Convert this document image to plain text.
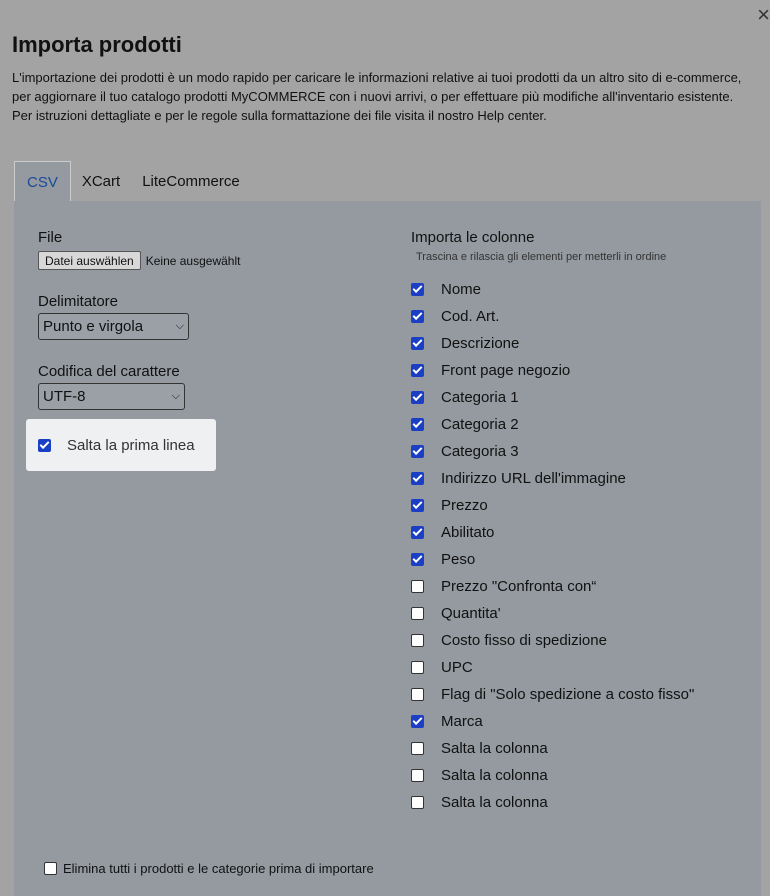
×
Importa prodotti

L'importazione dei prodotti è un modo rapido per caricare le informazioni relative ai tuoi prodotti da un altro sito di e-commerce, per aggiornare il tuo catalogo prodotti MyCOMMERCE con i nuovi arrivi, o per effettuare più modifiche all'inventario esistente. Per istruzioni dettagliate e per le regole sulla formattazione dei file visita il nostro Help center.

CSV	XCart	LiteCommerce
File
Datei auswählen	Keine ausgewählt
Delimitatore
Punto e virgola	⌵
Codifica del carattere
UTF-8	⌵
Salta la prima linea
Importa le colonne
Trascina e rilascia gli elementi per metterli in ordine
Nome
Cod. Art.
Descrizione
Front page negozio
Categoria 1
Categoria 2
Categoria 3
Indirizzo URL dell'immagine
Prezzo
Abilitato
Peso
Prezzo "Confronta con“
Quantita'
Costo fisso di spedizione
UPC
Flag di "Solo spedizione a costo fisso"
Marca
Salta la colonna
Salta la colonna
Salta la colonna
Elimina tutti i prodotti e le categorie prima di importare
